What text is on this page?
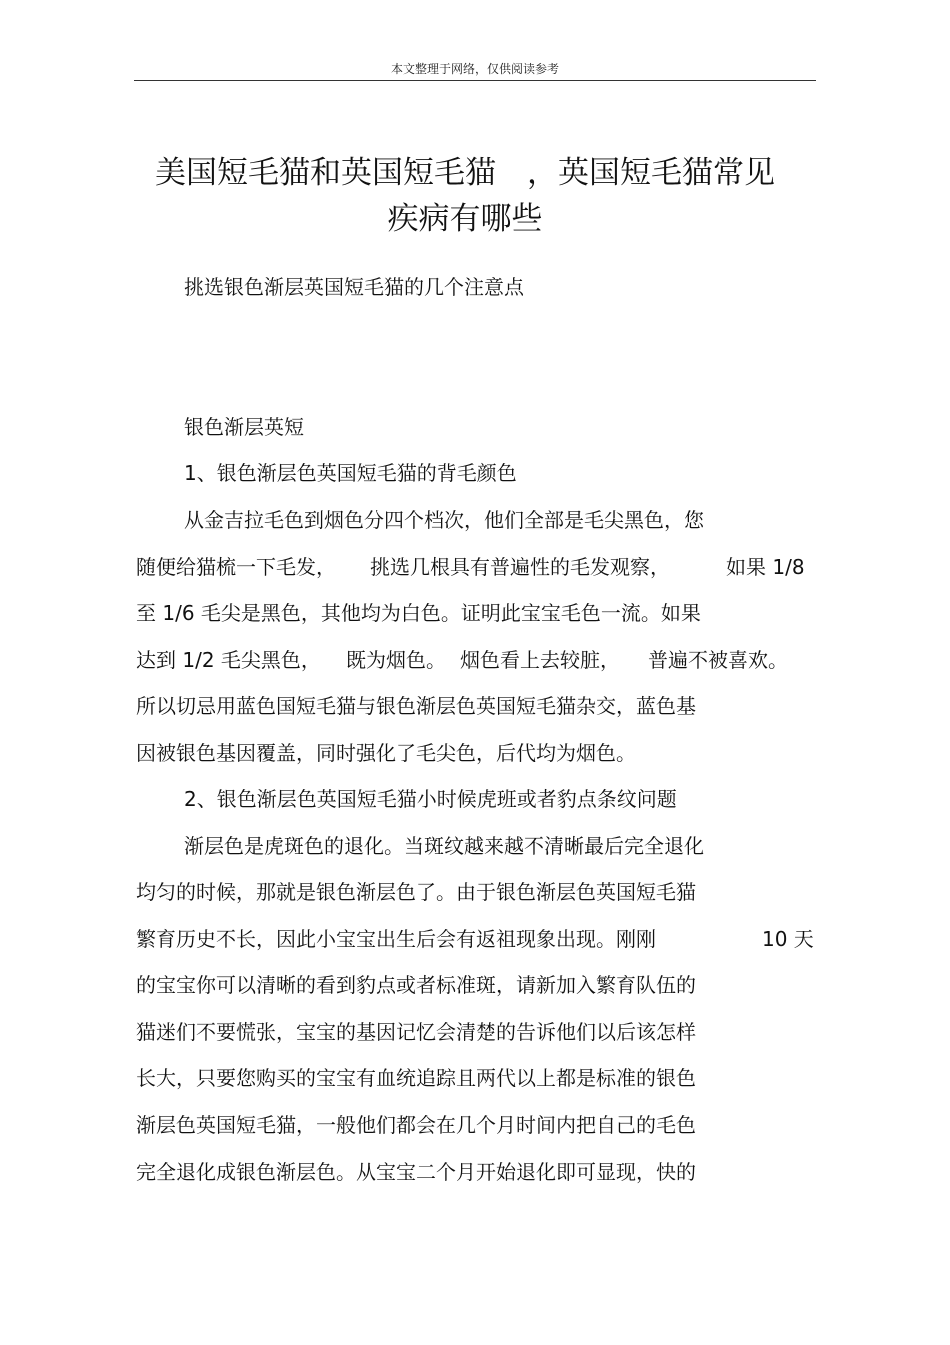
本文整理于网络，仅供阅读参考
美国短毛猫和英国短毛猫　，英国短毛猫常见
疾病有哪些
挑选银色渐层英国短毛猫的几个注意点
银色渐层英短
1、银色渐层色英国短毛猫的背毛颜色
从金吉拉毛色到烟色分四个档次，他们全部是毛尖黑色，您
随便给猫梳一下毛发， 挑选几根具有普遍性的毛发观察，	如果 1/8
至 1/6 毛尖是黑色，其他均为白色。证明此宝宝毛色一流。如果
达到 1/2 毛尖黑色， 既为烟色。 烟色看上去较脏， 普遍不被喜欢。
所以切忌用蓝色国短毛猫与银色渐层色英国短毛猫杂交，蓝色基
因被银色基因覆盖，同时强化了毛尖色，后代均为烟色。
2、银色渐层色英国短毛猫小时候虎班或者豹点条纹问题
渐层色是虎斑色的退化。当斑纹越来越不清晰最后完全退化
均匀的时候，那就是银色渐层色了。由于银色渐层色英国短毛猫
繁育历史不长，因此小宝宝出生后会有返祖现象出现。刚刚	10 天
的宝宝你可以清晰的看到豹点或者标准斑，请新加入繁育队伍的
猫迷们不要慌张，宝宝的基因记忆会清楚的告诉他们以后该怎样
长大，只要您购买的宝宝有血统追踪且两代以上都是标准的银色
渐层色英国短毛猫，一般他们都会在几个月时间内把自己的毛色
完全退化成银色渐层色。从宝宝二个月开始退化即可显现，快的
